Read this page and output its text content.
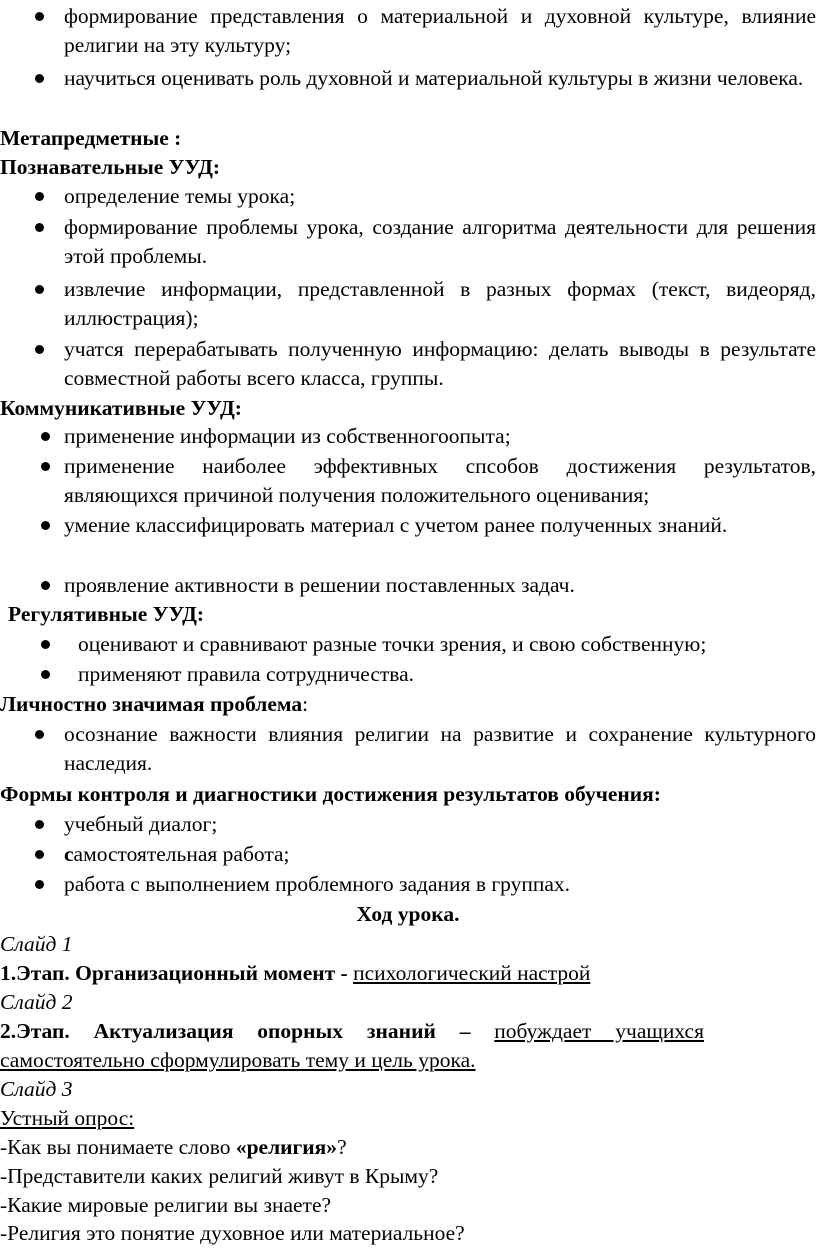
формирование представления о материальной и духовной культуре, влияние религии на эту культуру;
научиться оценивать роль духовной и материальной культуры в жизни человека.
Метапредметные :
Познавательные УУД:
определение темы урока;
формирование проблемы урока, создание алгоритма деятельности для решения этой проблемы.
извлечие информации, представленной в разных формах (текст, видеоряд, иллюстрация);
учатся перерабатывать полученную информацию: делать выводы в результате совместной работы всего класса, группы.
Коммуникативные УУД:
применение информации из собственногоопыта;
применение наиболее эффективных спсобов достижения результатов, являющихся причиной получения положительного оценивания;
умение классифицировать материал с учетом ранее полученных знаний.
проявление активности в решении поставленных задач.
Регулятивные УУД:
оценивают и сравнивают разные точки зрения, и свою собственную;
применяют правила сотрудничества.
Личностно значимая проблема:
осознание важности влияния религии на развитие и сохранение культурного наследия.
Формы контроля и диагностики достижения результатов обучения:
учебный диалог;
самостоятельная работа;
работа с выполнением проблемного задания в группах.
Ход урока.
Слайд 1
1.Этап. Организационный момент - психологический настрой
Слайд 2
2.Этап. Актуализация опорных знаний – побуждает учащихся
самостоятельно сформулировать тему и цель урока.
Слайд 3
Устный опрос:
-Как вы понимаете слово «религия»?
-Представители каких религий живут в Крыму?
-Какие мировые религии вы знаете?
-Религия это понятие духовное или материальное?
